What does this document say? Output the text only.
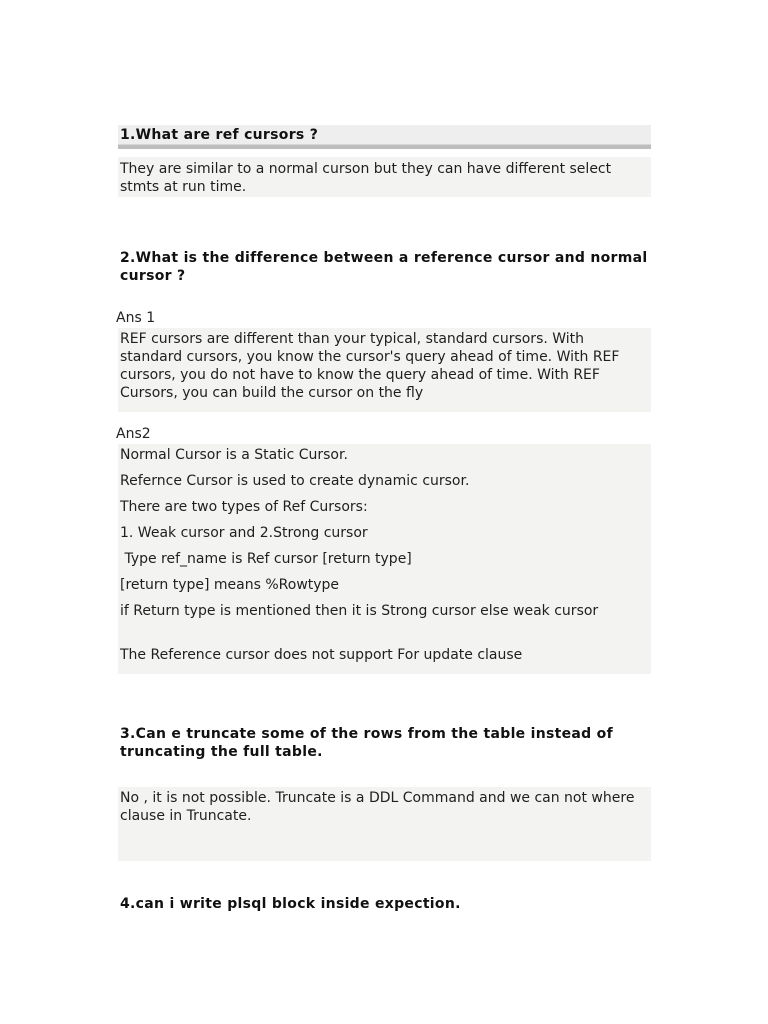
1.What are ref cursors ?
They are similar to a normal curson but they can have different select stmts at run time.
2.What is the difference between a reference cursor and normal cursor ?
Ans 1
REF cursors are different than your typical, standard cursors. With standard cursors, you know the cursor's query ahead of time. With REF cursors, you do not have to know the query ahead of time. With REF Cursors, you can build the cursor on the fly
Ans2

Normal Cursor is a Static Cursor.

Refernce Cursor is used to create dynamic cursor.

There are two types of Ref Cursors:

1. Weak cursor and 2.Strong cursor

Type ref_name is Ref cursor [return type]

[return type] means %Rowtype

if Return type is mentioned then it is Strong cursor else weak cursor

The Reference cursor does not support For update clause

3.Can e truncate some of the rows from the table instead of truncating the full table.
No , it is not possible. Truncate is a DDL Command and we can not where clause in Truncate.
4.can i write plsql block inside expection.
